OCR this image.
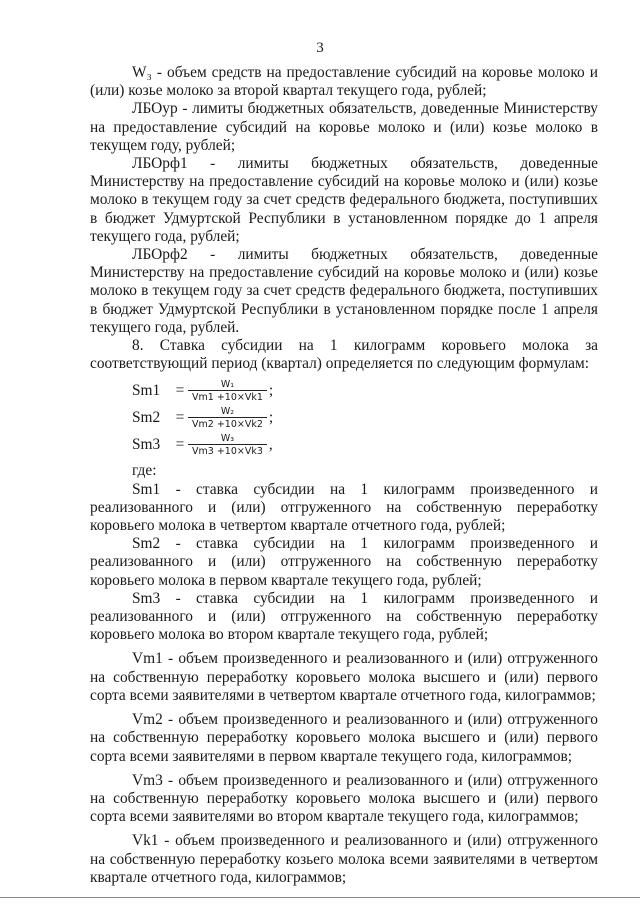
3

W₃ - объем средств на предоставление субсидий на коровье молоко и (или) козье молоко за второй квартал текущего года, рублей;

ЛБОур - лимиты бюджетных обязательств, доведенные Министерству на предоставление субсидий на коровье молоко и (или) козье молоко в текущем году, рублей;

ЛБОрф1 - лимиты бюджетных обязательств, доведенные Министерству на предоставление субсидий на коровье молоко и (или) козье молоко в текущем году за счет средств федерального бюджета, поступивших в бюджет Удмуртской Республики в установленном порядке до 1 апреля текущего года, рублей;

ЛБОрф2 - лимиты бюджетных обязательств, доведенные Министерству на предоставление субсидий на коровье молоко и (или) козье молоко в текущем году за счет средств федерального бюджета, поступивших в бюджет Удмуртской Республики в установленном порядке после 1 апреля текущего года, рублей.

8. Ставка субсидии на 1 килограмм коровьего молока за соответствующий период (квартал) определяется по следующим формулам:

Sm1	= $\frac{\text{W₁}}{Vm1 +10\times Vk1}$ ;
Sm2	= $\frac{\text{W₂}}{Vm2 +10\times Vk2}$ ;
Sm3	= $\frac{\text{W₃}}{Vm3 +10\times Vk3}$ ,

где:

Sm1 - ставка субсидии на 1 килограмм произведенного и реализованного и (или) отгруженного на собственную переработку коровьего молока в четвертом квартале отчетного года, рублей;

Sm2 - ставка субсидии на 1 килограмм произведенного и реализованного и (или) отгруженного на собственную переработку коровьего молока в первом квартале текущего года, рублей;

Sm3 - ставка субсидии на 1 килограмм произведенного и реализованного и (или) отгруженного на собственную переработку коровьего молока во втором квартале текущего года, рублей;

Vm1 - объем произведенного и реализованного и (или) отгруженного на собственную переработку коровьего молока высшего и (или) первого сорта всеми заявителями в четвертом квартале отчетного года, килограммов;

Vm2 - объем произведенного и реализованного и (или) отгруженного на собственную переработку коровьего молока высшего и (или) первого сорта всеми заявителями в первом квартале текущего года, килограммов;

Vm3 - объем произведенного и реализованного и (или) отгруженного на собственную переработку коровьего молока высшего и (или) первого сорта всеми заявителями во втором квартале текущего года, килограммов;

Vk1 - объем произведенного и реализованного и (или) отгруженного на собственную переработку козьего молока всеми заявителями в четвертом квартале отчетного года, килограммов;
